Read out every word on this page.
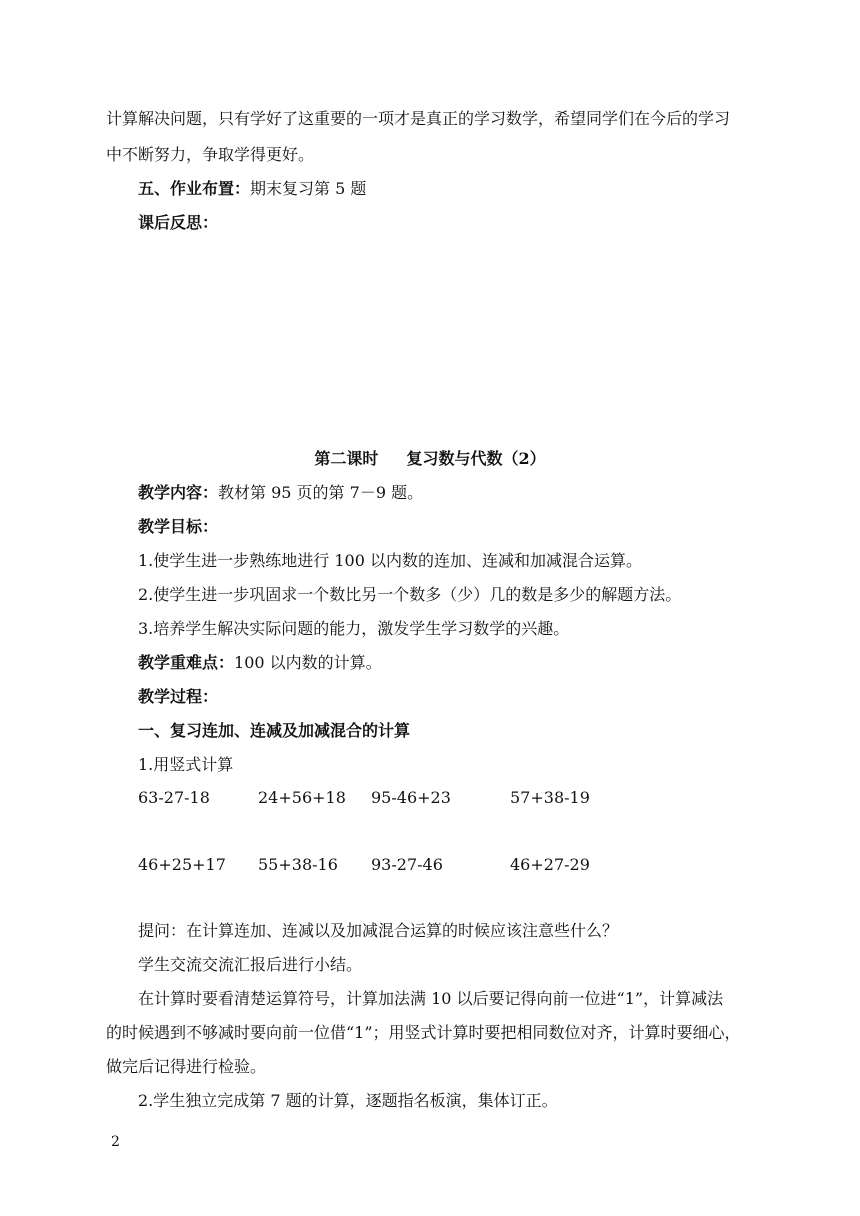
计算解决问题，只有学好了这重要的一项才是真正的学习数学，希望同学们在今后的学习
中不断努力，争取学得更好。
五、作业布置：期末复习第 5 题
课后反思：
第二课时 复习数与代数（2）
教学内容：教材第 95 页的第 7－9 题。
教学目标：
1.使学生进一步熟练地进行 100 以内数的连加、连减和加减混合运算。
2.使学生进一步巩固求一个数比另一个数多（少）几的数是多少的解题方法。
3.培养学生解决实际问题的能力，激发学生学习数学的兴趣。
教学重难点：100 以内数的计算。
教学过程：
一、复习连加、连减及加减混合的计算
1.用竖式计算
63-27-18	24+56+18 95-46+23	57+38-19
46+25+17 55+38-16 93-27-46	46+27-29
提问：在计算连加、连减以及加减混合运算的时候应该注意些什么？
学生交流交流汇报后进行小结。
在计算时要看清楚运算符号，计算加法满 10 以后要记得向前一位进“1”，计算减法
的时候遇到不够减时要向前一位借“1”；用竖式计算时要把相同数位对齐，计算时要细心，
做完后记得进行检验。
2.学生独立完成第 7 题的计算，逐题指名板演，集体订正。
2
